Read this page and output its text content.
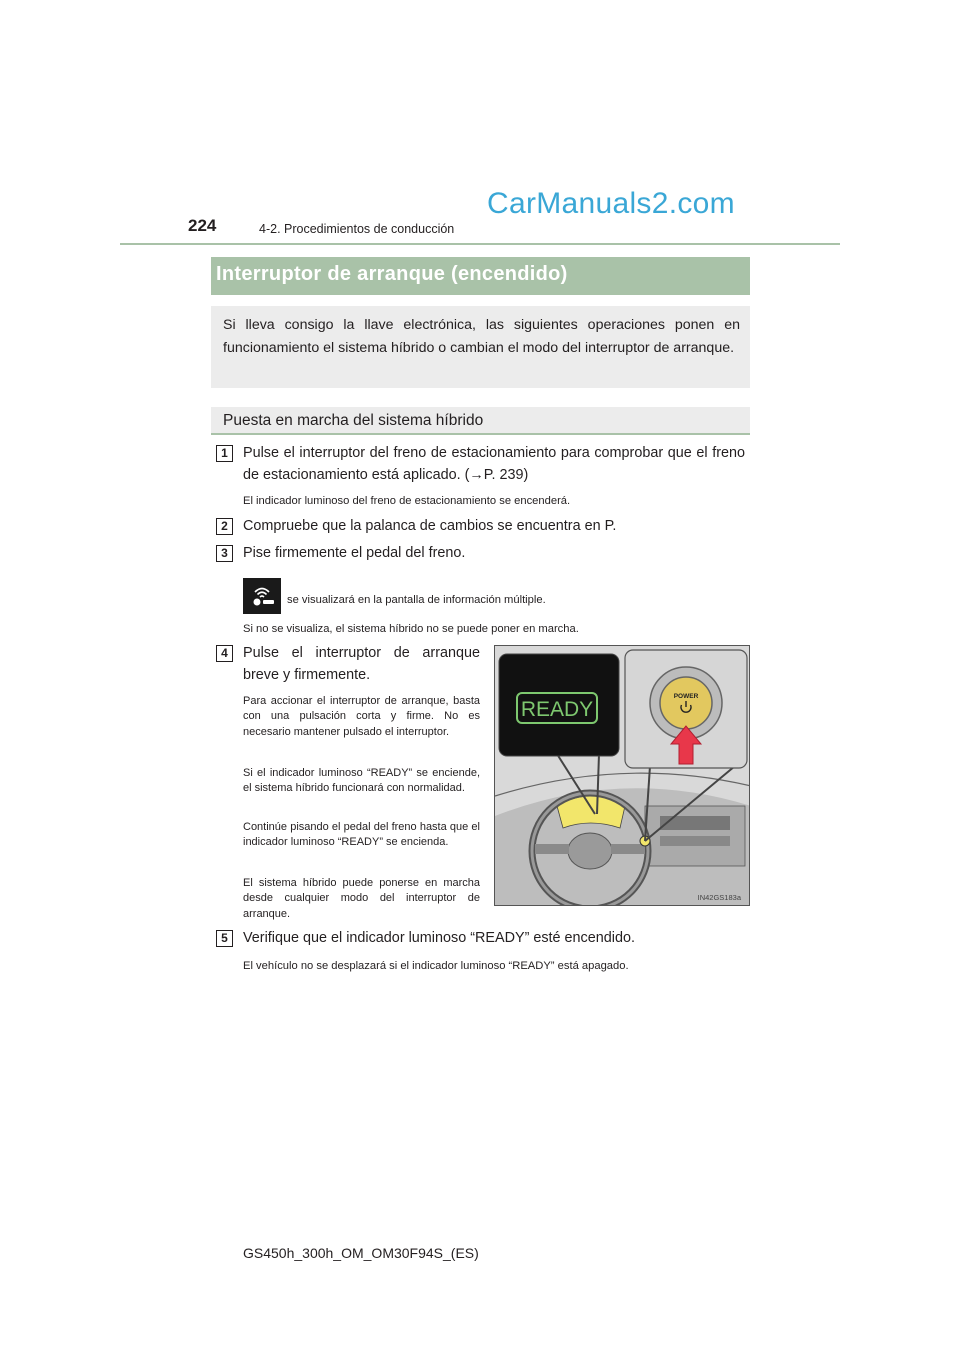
224	4-2. Procedimientos de conducción
CarManuals2.com
Interruptor de arranque (encendido)
Si lleva consigo la llave electrónica, las siguientes operaciones ponen en funcionamiento el sistema híbrido o cambian el modo del interruptor de arranque.
Puesta en marcha del sistema híbrido
1	Pulse el interruptor del freno de estacionamiento para comprobar que el freno de estacionamiento está aplicado. (→P. 239)
El indicador luminoso del freno de estacionamiento se encenderá.
2	Compruebe que la palanca de cambios se encuentra en P.
3	Pise firmemente el pedal del freno.
se visualizará en la pantalla de información múltiple.
Si no se visualiza, el sistema híbrido no se puede poner en marcha.
4	Pulse el interruptor de arranque breve y firmemente.
Para accionar el interruptor de arranque, basta con una pulsación corta y firme. No es necesario mantener pulsado el interruptor.
Si el indicador luminoso “READY” se enciende, el sistema híbrido funcionará con normalidad.
Continúe pisando el pedal del freno hasta que el indicador luminoso “READY” se encienda.
El sistema híbrido puede ponerse en marcha desde cualquier modo del interruptor de arranque.
READY
POWER
IN42GS183a
5	Verifique que el indicador luminoso “READY” esté encendido.
El vehículo no se desplazará si el indicador luminoso “READY” está apagado.
GS450h_300h_OM_OM30F94S_(ES)
